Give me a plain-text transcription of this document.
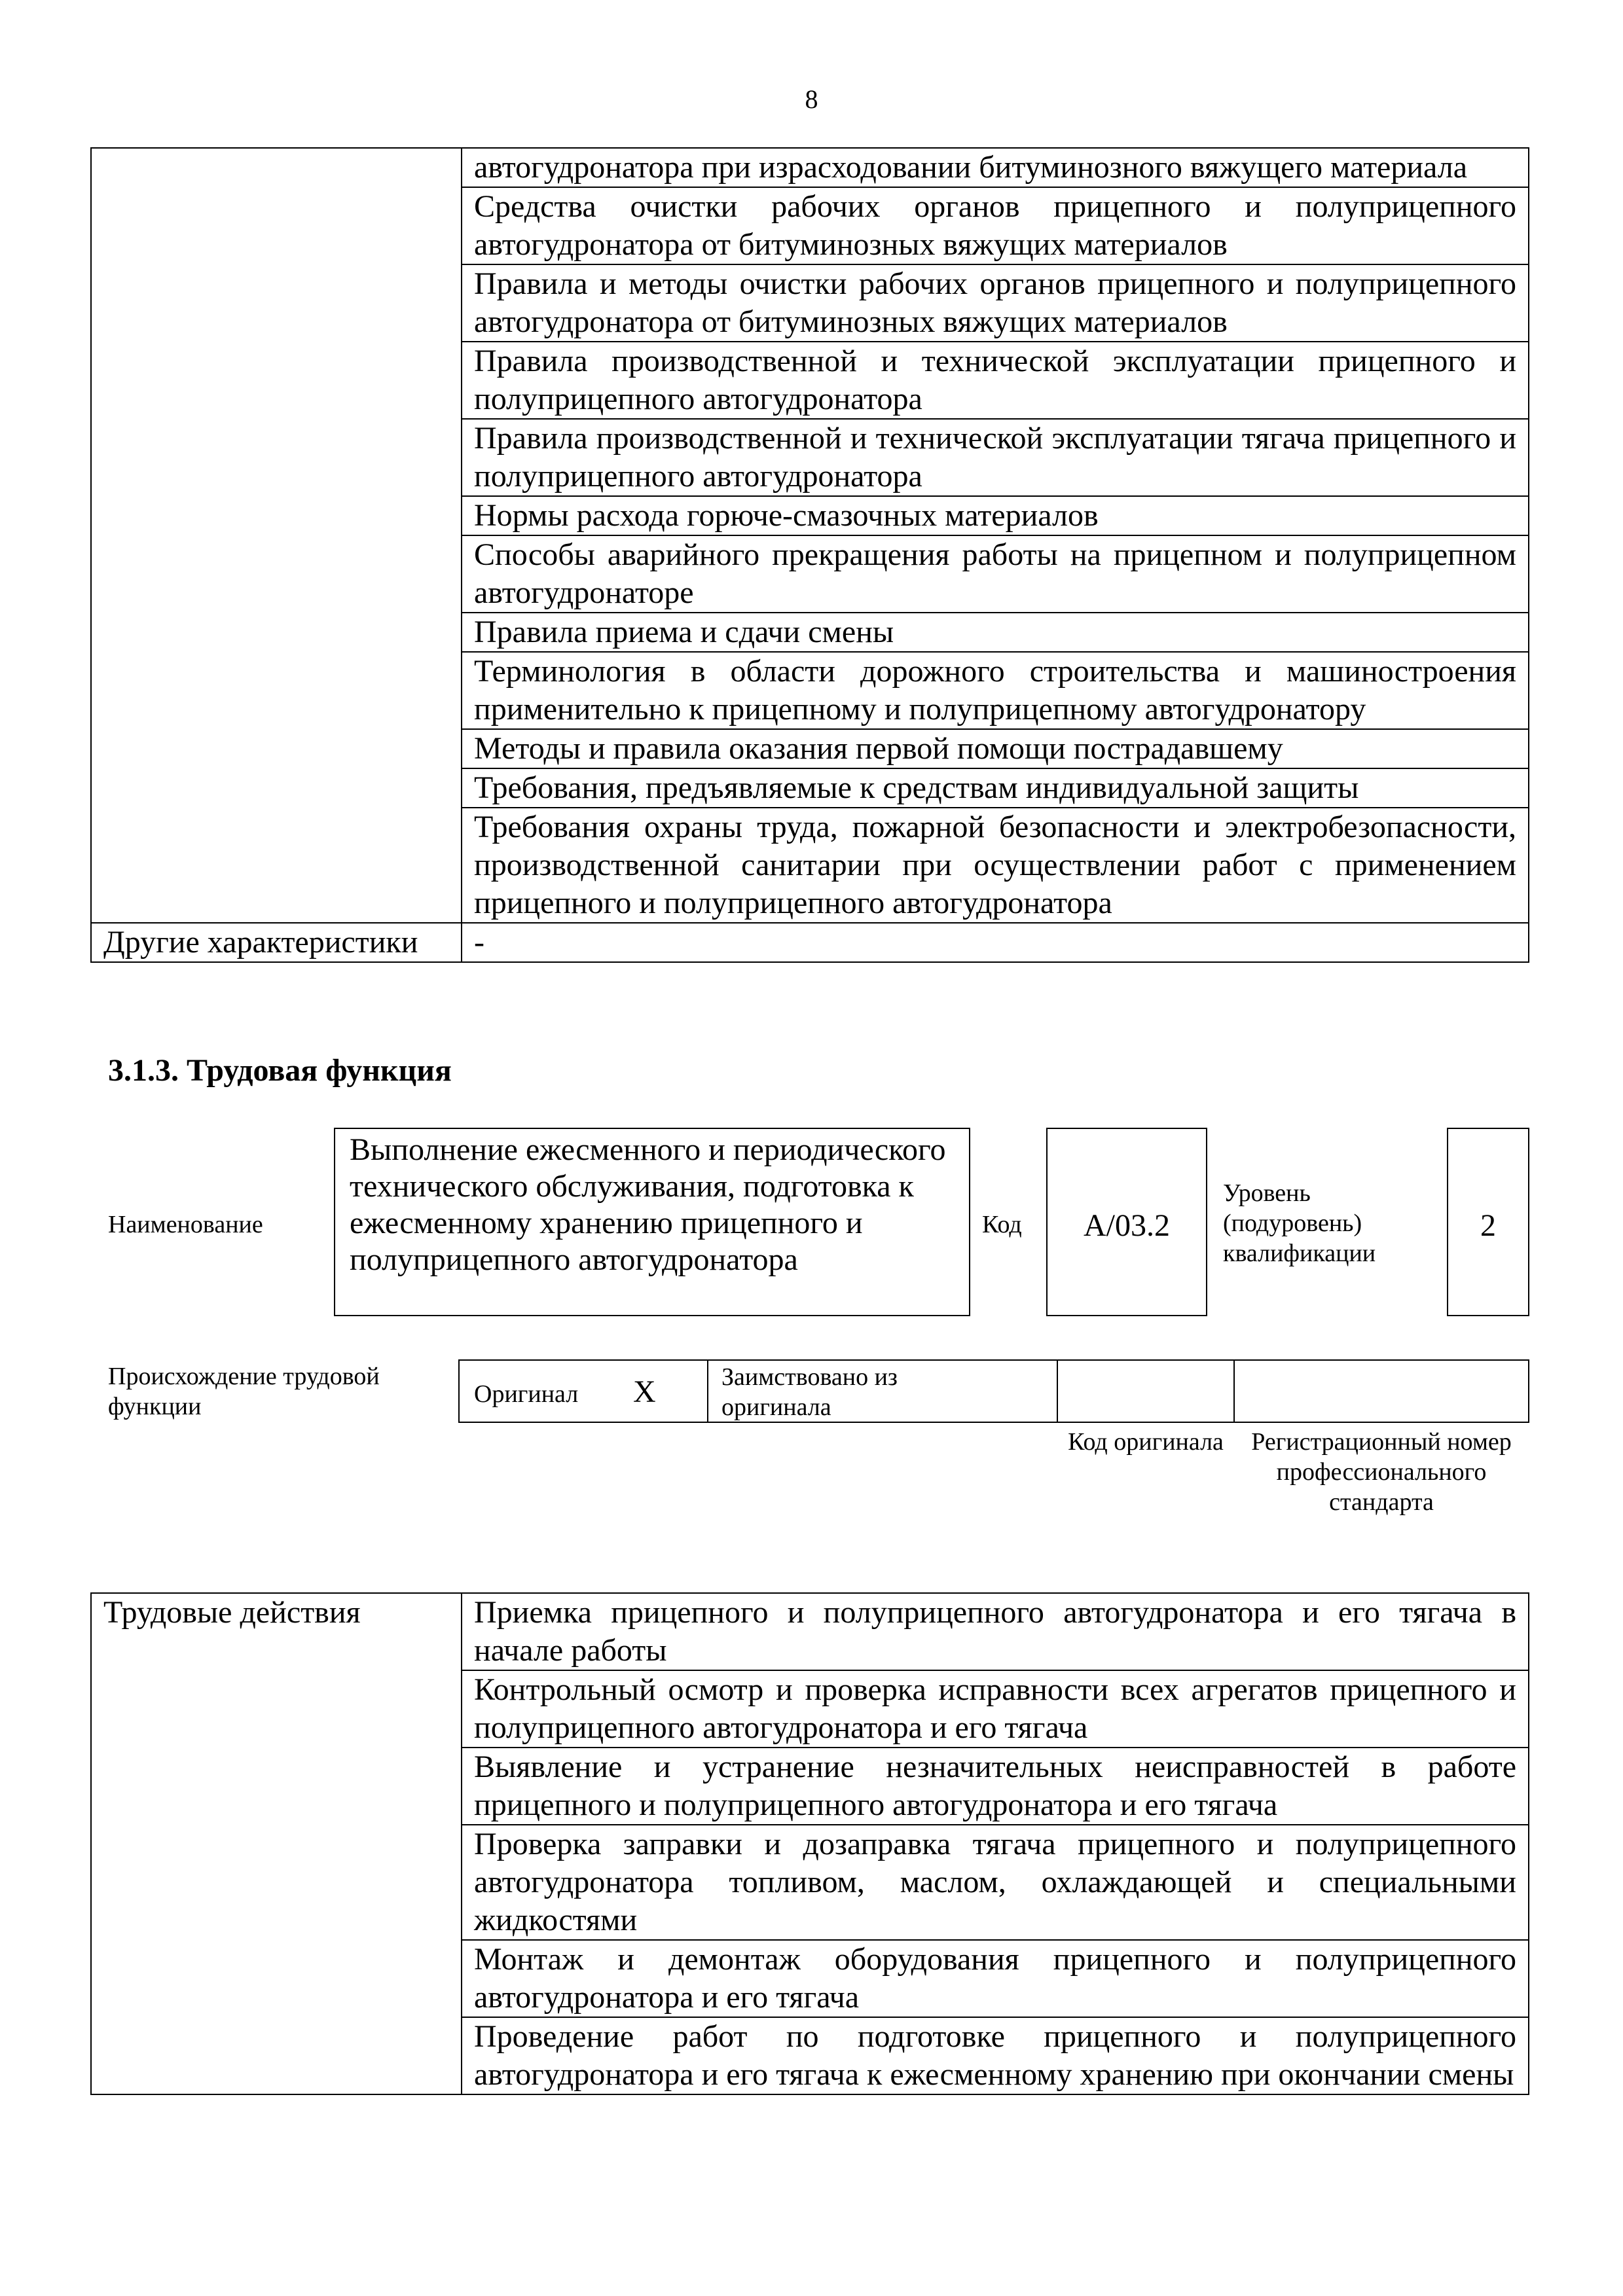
8
	автогудронатора при израсходовании битуминозного вяжущего материала
	Средства очистки рабочих органов прицепного и полуприцепного автогудронатора от битуминозных вяжущих материалов
	Правила и методы очистки рабочих органов прицепного и полуприцепного автогудронатора от битуминозных вяжущих материалов
	Правила производственной и технической эксплуатации прицепного и полуприцепного автогудронатора
	Правила производственной и технической эксплуатации тягача прицепного и полуприцепного автогудронатора
	Нормы расхода горюче-смазочных материалов
	Способы аварийного прекращения работы на прицепном и полуприцепном автогудронаторе
	Правила приема и сдачи смены
	Терминология в области дорожного строительства и машиностроения применительно к прицепному и полуприцепному автогудронатору
	Методы и правила оказания первой помощи пострадавшему
	Требования, предъявляемые к средствам индивидуальной защиты
	Требования охраны труда, пожарной безопасности и электробезопасности, производственной санитарии при осуществлении работ с применением прицепного и полуприцепного автогудронатора
Другие характеристики	-
3.1.3. Трудовая функция
Наименование
Выполнение ежесменного и периодического технического обслуживания, подготовка к ежесменному хранению прицепного и полуприцепного автогудронатора
Код	А/03.2
Уровень (подуровень) квалификации
2
Происхождение трудовой функции	Оригинал X	Заимствовано из оригинала
Код оригинала	Регистрационный номер профессионального стандарта
Трудовые действия	Приемка прицепного и полуприцепного автогудронатора и его тягача в начале работы
Контрольный осмотр и проверка исправности всех агрегатов прицепного и полуприцепного автогудронатора и его тягача
Выявление и устранение незначительных неисправностей в работе прицепного и полуприцепного автогудронатора и его тягача
Проверка заправки и дозаправка тягача прицепного и полуприцепного автогудронатора топливом, маслом, охлаждающей и специальными жидкостями
Монтаж и демонтаж оборудования прицепного и полуприцепного автогудронатора и его тягача
Проведение работ по подготовке прицепного и полуприцепного автогудронатора и его тягача к ежесменному хранению при окончании смены
